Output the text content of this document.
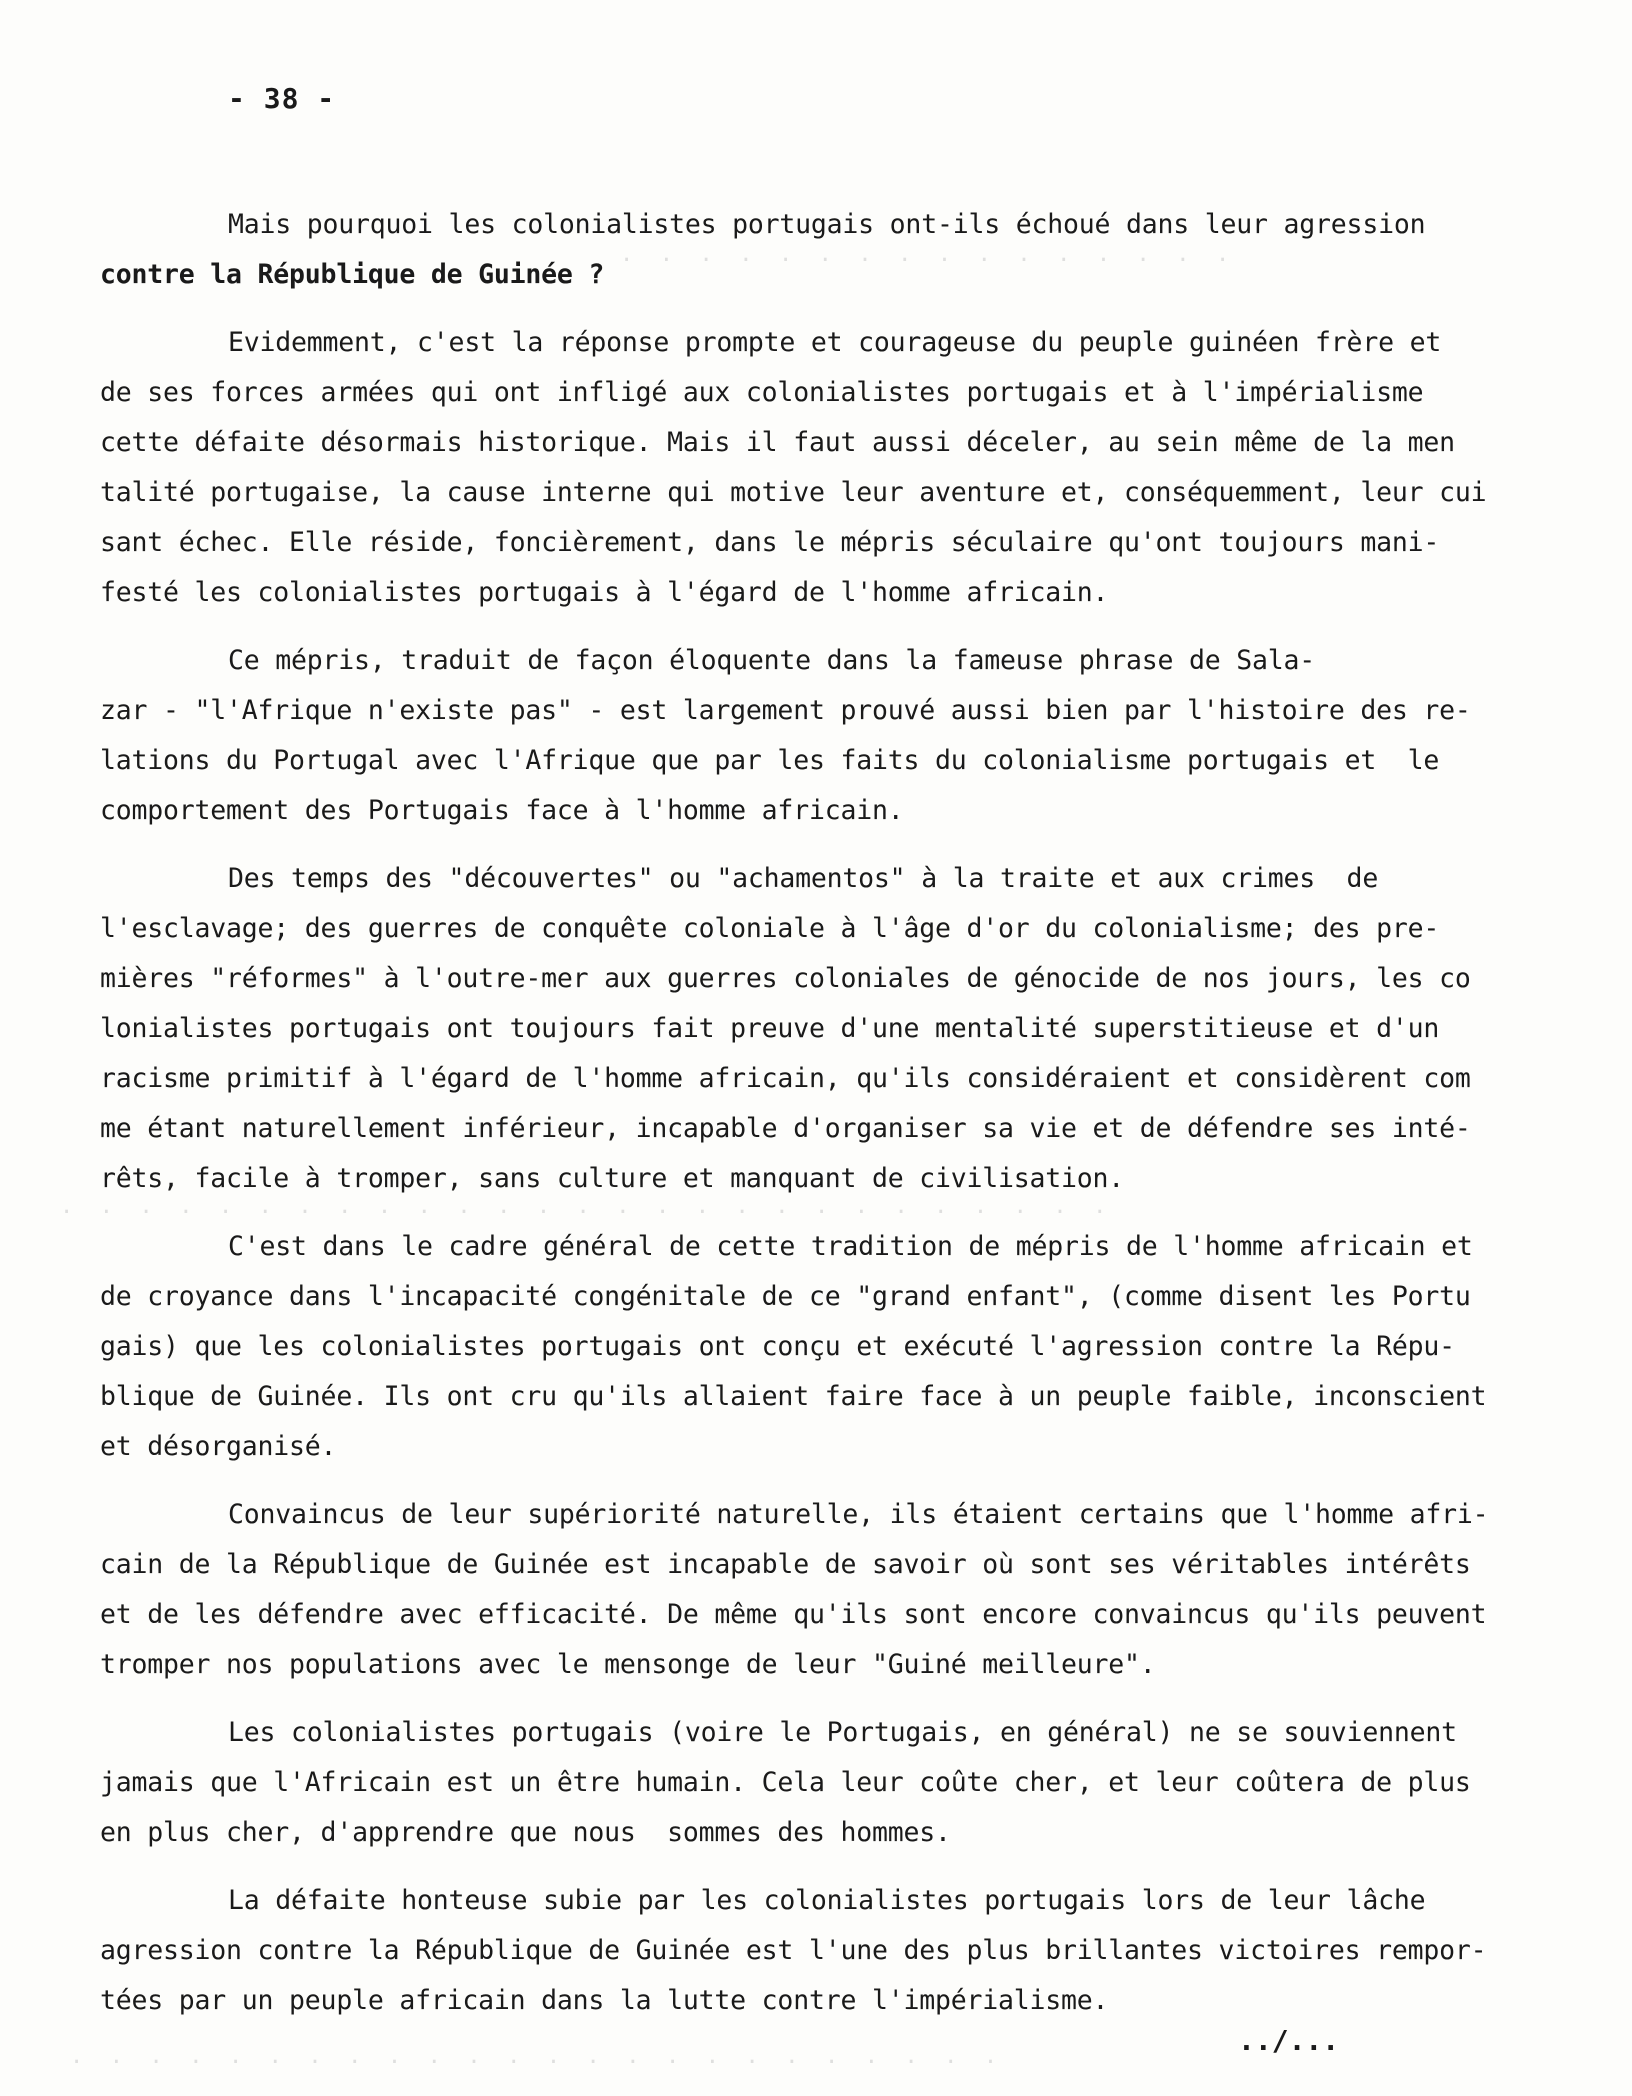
- 38 -
·  ·  ·  ·  ·  ·  ·  ·  ·  ·  ·  ·  ·  ·  ·  ·
·  ·  ·  ·  ·  ·  ·  ·  ·  ·  ·  ·  ·  ·  ·  ·  ·  ·  ·  ·  ·  ·  ·  ·  ·  ·  ·
·  ·  ·  ·  ·  ·  ·  ·  ·  ·  ·  ·  ·  ·  ·  ·  ·  ·  ·  ·  ·  ·  ·  ·
Mais pourquoi les colonialistes portugais ont-ils échoué dans leur agression
contre la République de Guinée ?
Evidemment, c'est la réponse prompte et courageuse du peuple guinéen frère et
de ses forces armées qui ont infligé aux colonialistes portugais et à l'impérialisme
cette défaite désormais historique. Mais il faut aussi déceler, au sein même de la men
talité portugaise, la cause interne qui motive leur aventure et, conséquemment, leur cui
sant échec. Elle réside, foncièrement, dans le mépris séculaire qu'ont toujours mani-
festé les colonialistes portugais à l'égard de l'homme africain.
Ce mépris, traduit de façon éloquente dans la fameuse phrase de Sala-
zar - "l'Afrique n'existe pas" - est largement prouvé aussi bien par l'histoire des re-
lations du Portugal avec l'Afrique que par les faits du colonialisme portugais et  le
comportement des Portugais face à l'homme africain.
Des temps des "découvertes" ou "achamentos" à la traite et aux crimes  de
l'esclavage; des guerres de conquête coloniale à l'âge d'or du colonialisme; des pre-
mières "réformes" à l'outre-mer aux guerres coloniales de génocide de nos jours, les co
lonialistes portugais ont toujours fait preuve d'une mentalité superstitieuse et d'un
racisme primitif à l'égard de l'homme africain, qu'ils considéraient et considèrent com
me étant naturellement inférieur, incapable d'organiser sa vie et de défendre ses inté-
rêts, facile à tromper, sans culture et manquant de civilisation.
C'est dans le cadre général de cette tradition de mépris de l'homme africain et
de croyance dans l'incapacité congénitale de ce "grand enfant", (comme disent les Portu
gais) que les colonialistes portugais ont conçu et exécuté l'agression contre la Répu-
blique de Guinée. Ils ont cru qu'ils allaient faire face à un peuple faible, inconscient
et désorganisé.
Convaincus de leur supériorité naturelle, ils étaient certains que l'homme afri-
cain de la République de Guinée est incapable de savoir où sont ses véritables intérêts
et de les défendre avec efficacité. De même qu'ils sont encore convaincus qu'ils peuvent
tromper nos populations avec le mensonge de leur "Guiné meilleure".
Les colonialistes portugais (voire le Portugais, en général) ne se souviennent
jamais que l'Africain est un être humain. Cela leur coûte cher, et leur coûtera de plus
en plus cher, d'apprendre que nous  sommes des hommes.
La défaite honteuse subie par les colonialistes portugais lors de leur lâche
agression contre la République de Guinée est l'une des plus brillantes victoires rempor-
tées par un peuple africain dans la lutte contre l'impérialisme.
../...
